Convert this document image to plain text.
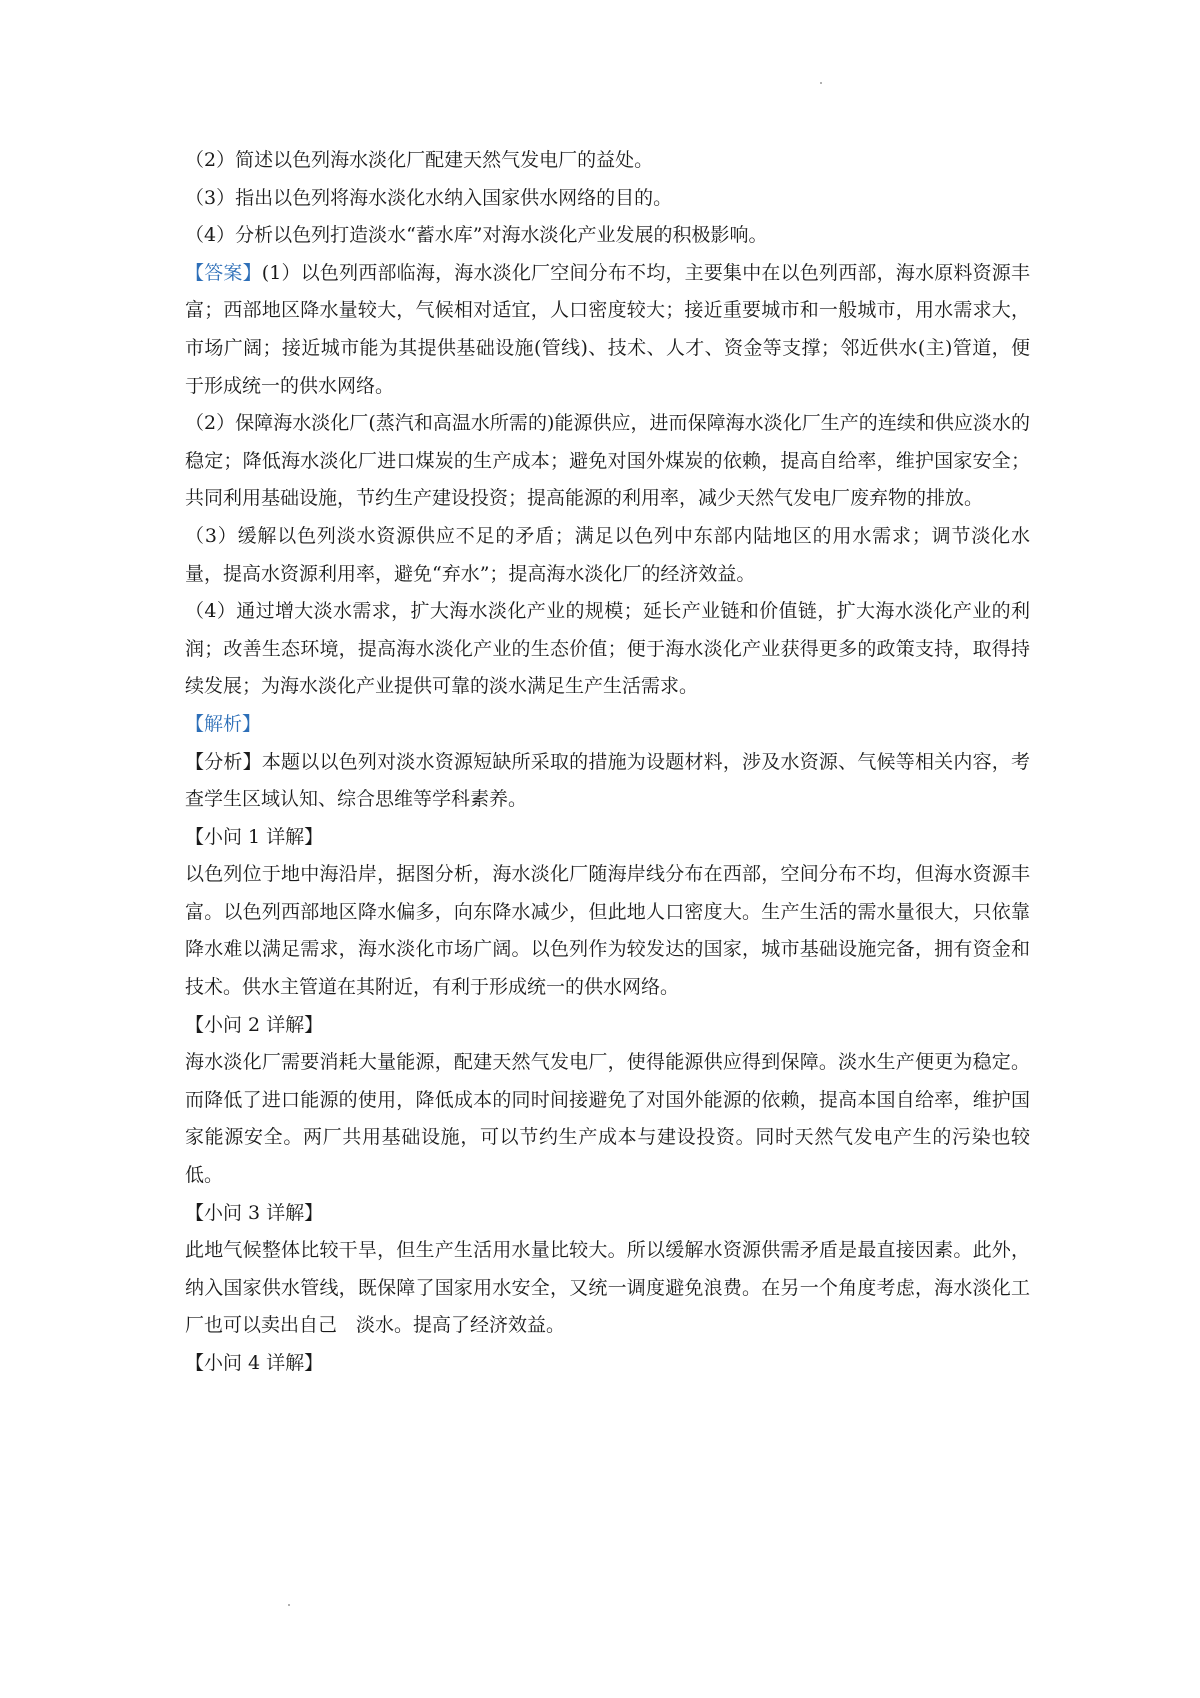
（2）简述以色列海水淡化厂配建天然气发电厂的益处。

（3）指出以色列将海水淡化水纳入国家供水网络的目的。

（4）分析以色列打造淡水“蓄水库”对海水淡化产业发展的积极影响。

【答案】(1）以色列西部临海，海水淡化厂空间分布不均，主要集中在以色列西部，海水原料资源丰富；西部地区降水量较大，气候相对适宜，人口密度较大；接近重要城市和一般城市，用水需求大，市场广阔；接近城市能为其提供基础设施(管线)、技术、人才、资金等支撑；邻近供水(主)管道，便于形成统一的供水网络。

（2）保障海水淡化厂(蒸汽和高温水所需的)能源供应，进而保障海水淡化厂生产的连续和供应淡水的稳定；降低海水淡化厂进口煤炭的生产成本；避免对国外煤炭的依赖，提高自给率，维护国家安全；共同利用基础设施，节约生产建设投资；提高能源的利用率，减少天然气发电厂废弃物的排放。

（3）缓解以色列淡水资源供应不足的矛盾；满足以色列中东部内陆地区的用水需求；调节淡化水量，提高水资源利用率，避免“弃水”；提高海水淡化厂的经济效益。

（4）通过增大淡水需求，扩大海水淡化产业的规模；延长产业链和价值链，扩大海水淡化产业的利润；改善生态环境，提高海水淡化产业的生态价值；便于海水淡化产业获得更多的政策支持，取得持续发展；为海水淡化产业提供可靠的淡水满足生产生活需求。

【解析】

【分析】本题以以色列对淡水资源短缺所采取的措施为设题材料，涉及水资源、气候等相关内容，考查学生区域认知、综合思维等学科素养。

【小问 1 详解】

以色列位于地中海沿岸，据图分析，海水淡化厂随海岸线分布在西部，空间分布不均，但海水资源丰富。以色列西部地区降水偏多，向东降水减少，但此地人口密度大。生产生活的需水量很大，只依靠降水难以满足需求，海水淡化市场广阔。以色列作为较发达的国家，城市基础设施完备，拥有资金和技术。供水主管道在其附近，有利于形成统一的供水网络。

【小问 2 详解】

海水淡化厂需要消耗大量能源，配建天然气发电厂，使得能源供应得到保障。淡水生产便更为稳定。而降低了进口能源的使用，降低成本的同时间接避免了对国外能源的依赖，提高本国自给率，维护国家能源安全。两厂共用基础设施，可以节约生产成本与建设投资。同时天然气发电产生的污染也较低。

【小问 3 详解】

此地气候整体比较干旱，但生产生活用水量比较大。所以缓解水资源供需矛盾是最直接因素。此外，纳入国家供水管线，既保障了国家用水安全，又统一调度避免浪费。在另一个角度考虑，海水淡化工厂也可以卖出自己　淡水。提高了经济效益。

【小问 4 详解】
